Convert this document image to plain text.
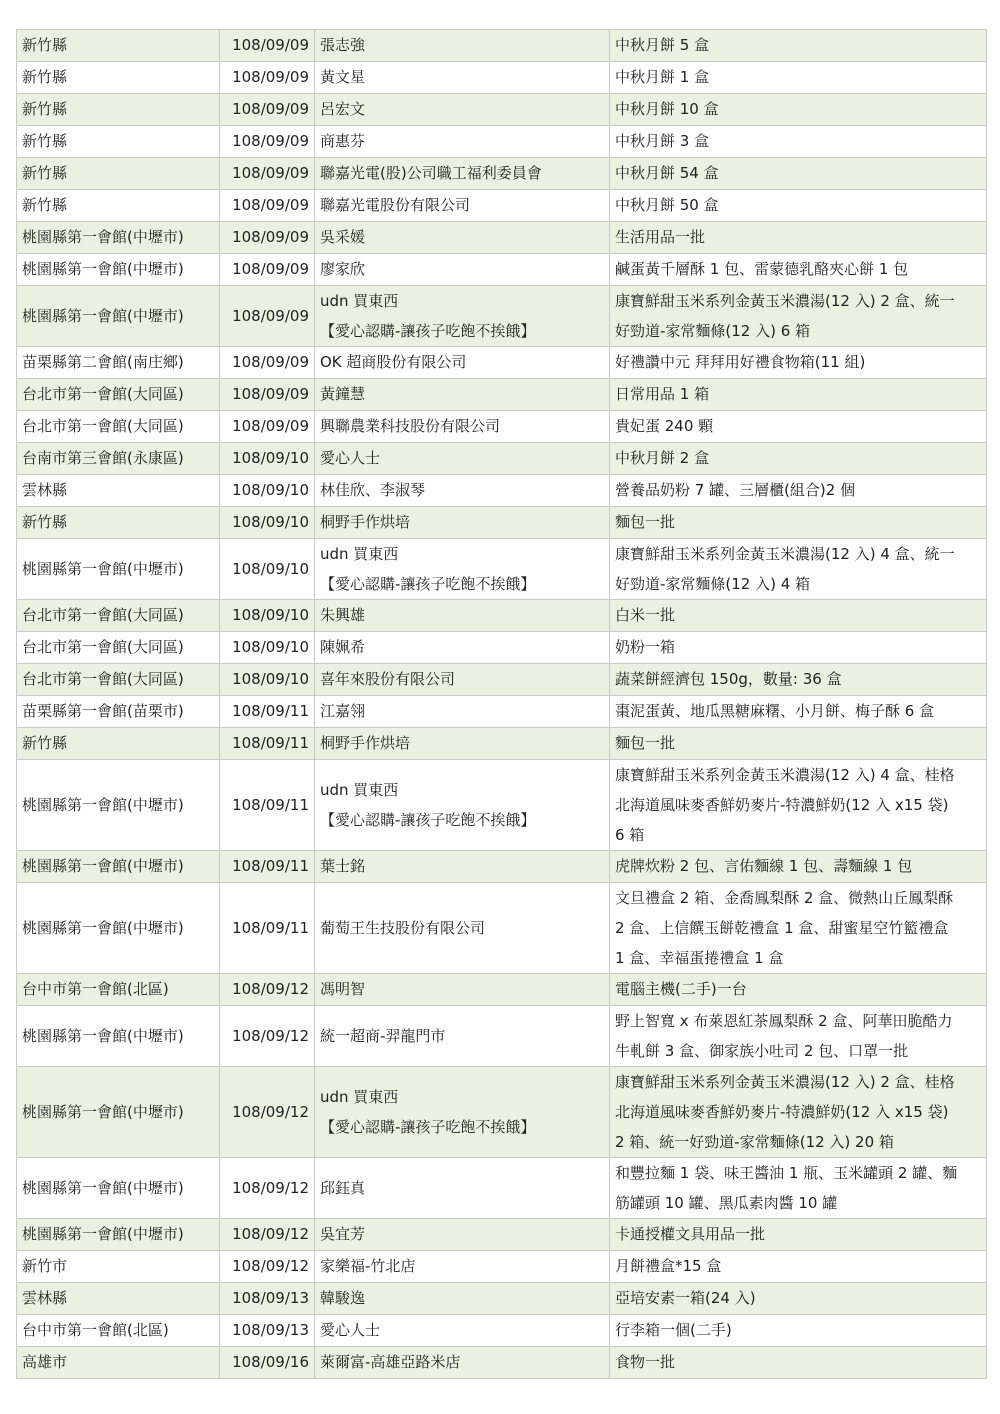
新竹縣	108/09/09	張志強	中秋月餅 5 盒

新竹縣	108/09/09	黃文星	中秋月餅 1 盒

新竹縣	108/09/09	呂宏文	中秋月餅 10 盒

新竹縣	108/09/09	商惠芬	中秋月餅 3 盒

新竹縣	108/09/09	聯嘉光電(股)公司職工福利委員會	中秋月餅 54 盒

新竹縣	108/09/09	聯嘉光電股份有限公司	中秋月餅 50 盒

桃園縣第一會館(中壢市)	108/09/09	吳采媛	生活用品一批

桃園縣第一會館(中壢市)	108/09/09	廖家欣	鹹蛋黃千層酥 1 包、雷蒙德乳酪夾心餅 1 包

桃園縣第一會館(中壢市)	108/09/09	udn 買東西
【愛心認購-讓孩子吃飽不挨餓】	康寶鮮甜玉米系列金黃玉米濃湯(12 入) 2 盒、統一
好勁道-家常麵條(12 入) 6 箱

苗栗縣第二會館(南庄鄉)	108/09/09	OK 超商股份有限公司	好禮讚中元 拜拜用好禮食物箱(11 組)

台北市第一會館(大同區)	108/09/09	黃鐘慧	日常用品 1 箱

台北市第一會館(大同區)	108/09/09	興聯農業科技股份有限公司	貴妃蛋 240 顆

台南市第三會館(永康區)	108/09/10	愛心人士	中秋月餅 2 盒

雲林縣	108/09/10	林佳欣、李淑琴	營養品奶粉 7 罐、三層櫃(組合)2 個

新竹縣	108/09/10	桐野手作烘培	麵包一批

桃園縣第一會館(中壢市)	108/09/10	udn 買東西
【愛心認購-讓孩子吃飽不挨餓】	康寶鮮甜玉米系列金黃玉米濃湯(12 入) 4 盒、統一
好勁道-家常麵條(12 入) 4 箱

台北市第一會館(大同區)	108/09/10	朱興雄	白米一批

台北市第一會館(大同區)	108/09/10	陳姵希	奶粉一箱

台北市第一會館(大同區)	108/09/10	喜年來股份有限公司	蔬菜餅經濟包 150g，數量: 36 盒

苗栗縣第一會館(苗栗市)	108/09/11	江嘉翎	棗泥蛋黃、地瓜黑糖麻糬、小月餅、梅子酥 6 盒

新竹縣	108/09/11	桐野手作烘培	麵包一批

桃園縣第一會館(中壢市)	108/09/11	udn 買東西
【愛心認購-讓孩子吃飽不挨餓】	康寶鮮甜玉米系列金黃玉米濃湯(12 入) 4 盒、桂格
北海道風味麥香鮮奶麥片-特濃鮮奶(12 入 x15 袋)
6 箱

桃園縣第一會館(中壢市)	108/09/11	葉士銘	虎牌炊粉 2 包、言佑麵線 1 包、壽麵線 1 包

桃園縣第一會館(中壢市)	108/09/11	葡萄王生技股份有限公司	文旦禮盒 2 箱、金喬鳳梨酥 2 盒、微熱山丘鳳梨酥
2 盒、上信饌玉餅乾禮盒 1 盒、甜蜜星空竹籃禮盒
1 盒、幸福蛋捲禮盒 1 盒

台中市第一會館(北區)	108/09/12	馮明智	電腦主機(二手)一台

桃園縣第一會館(中壢市)	108/09/12	統一超商-羿龍門市	野上智寬 x 布萊恩紅茶鳳梨酥 2 盒、阿華田脆酷力
牛軋餅 3 盒、御家族小吐司 2 包、口罩一批

桃園縣第一會館(中壢市)	108/09/12	udn 買東西
【愛心認購-讓孩子吃飽不挨餓】	康寶鮮甜玉米系列金黃玉米濃湯(12 入) 2 盒、桂格
北海道風味麥香鮮奶麥片-特濃鮮奶(12 入 x15 袋)
2 箱、統一好勁道-家常麵條(12 入) 20 箱

桃園縣第一會館(中壢市)	108/09/12	邱鈺真	和豐拉麵 1 袋、味王醬油 1 瓶、玉米罐頭 2 罐、麵
筋罐頭 10 罐、黑瓜素肉醬 10 罐

桃園縣第一會館(中壢市)	108/09/12	吳宜芳	卡通授權文具用品一批

新竹市	108/09/12	家樂福-竹北店	月餅禮盒*15 盒

雲林縣	108/09/13	韓駿逸	亞培安素一箱(24 入)

台中市第一會館(北區)	108/09/13	愛心人士	行李箱一個(二手)

高雄市	108/09/16	萊爾富-高雄亞路米店	食物一批
